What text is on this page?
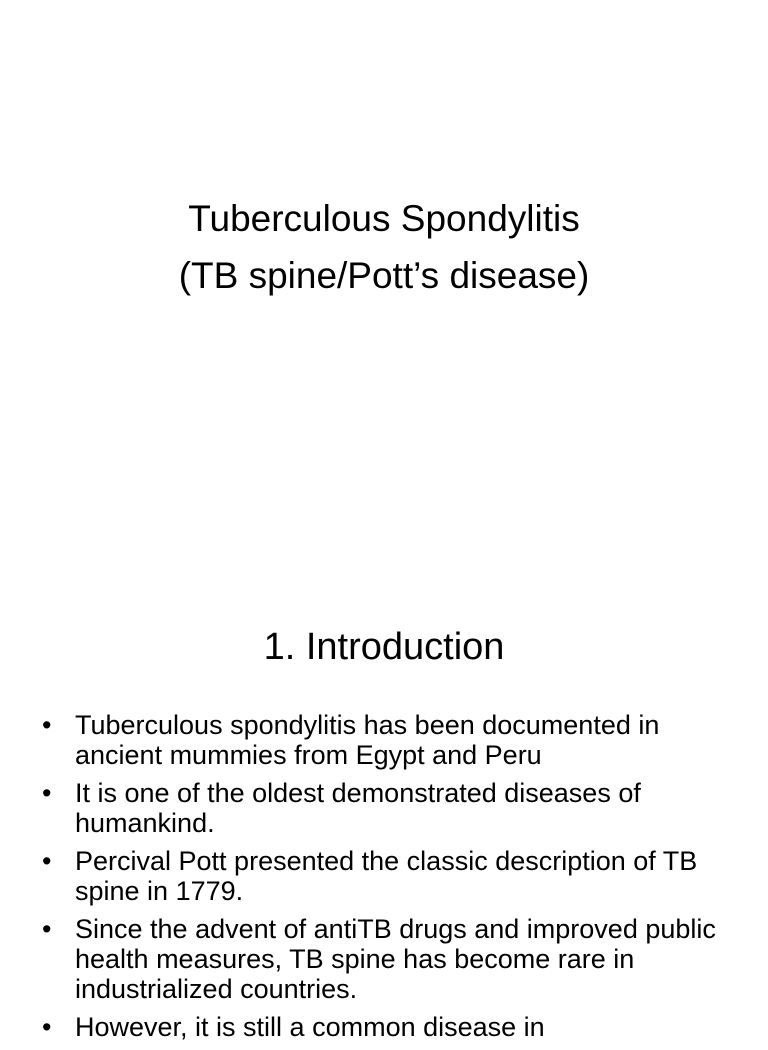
Tuberculous Spondylitis
(TB spine/Pott’s disease)
1. Introduction
• Tuberculous spondylitis has been documented in ancient mummies from Egypt and Peru
• It is one of the oldest demonstrated diseases of humankind.
• Percival Pott presented the classic description of TB spine in 1779.
• Since the advent of antiTB drugs and improved public health measures, TB spine has become rare in industrialized countries.
• However, it is still a common disease in
